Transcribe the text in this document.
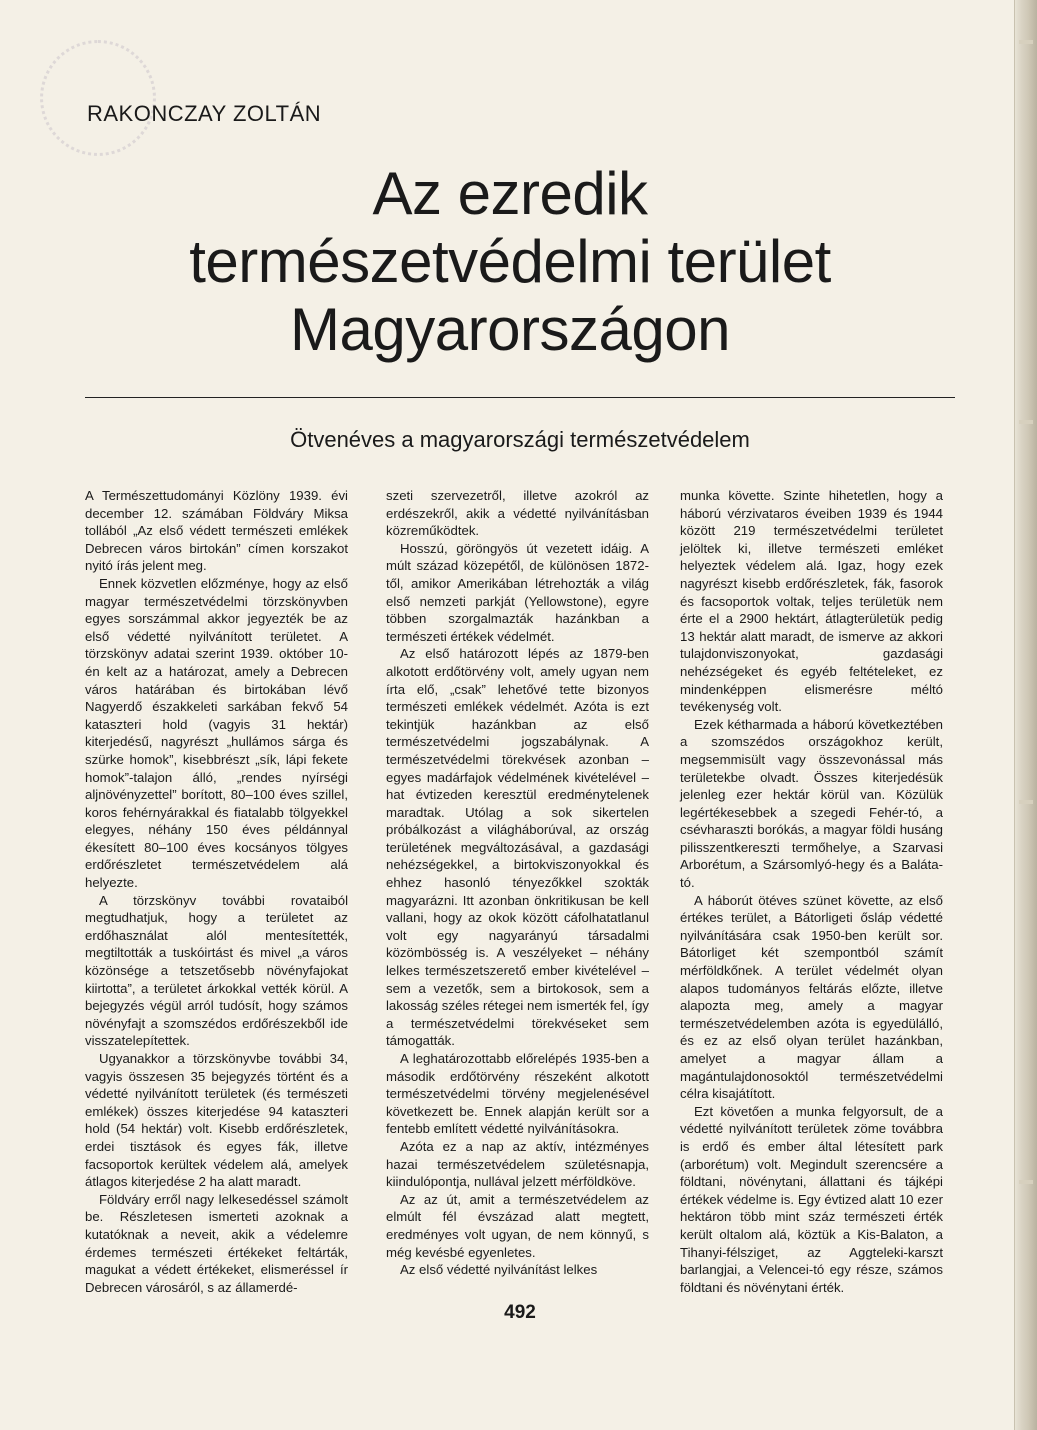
RAKONCZAY ZOLTÁN
Az ezredik
természetvédelmi terület
Magyarországon
Ötvenéves a magyarországi természetvédelem

A Természettudományi Közlöny 1939. évi december 12. számában Földváry Miksa tollából „Az első védett természeti emlékek Debrecen város birtokán” címen korszakot nyitó írás jelent meg.

Ennek közvetlen előzménye, hogy az első magyar természetvédelmi törzskönyvben egyes sorszámmal akkor jegyezték be az első védetté nyilvánított területet. A törzskönyv adatai szerint 1939. október 10-én kelt az a határozat, amely a Debrecen város határában és birtokában lévő Nagyerdő északkeleti sarkában fekvő 54 kataszteri hold (vagyis 31 hektár) kiterjedésű, nagyrészt „hullámos sárga és szürke homok”, kisebbrészt „sík, lápi fekete homok”-talajon álló, „rendes nyírségi aljnövényzettel” borított, 80–100 éves szillel, koros fehérnyárakkal és fiatalabb tölgyekkel elegyes, néhány 150 éves példánnyal ékesített 80–100 éves kocsányos tölgyes erdőrészletet természetvédelem alá helyezte.

A törzskönyv további rovataiból megtudhatjuk, hogy a területet az erdőhasználat alól mentesítették, megtiltották a tuskóirtást és mivel „a város közönsége a tetszetősebb növényfajokat kiirtotta”, a területet árkokkal vették körül. A bejegyzés végül arról tudósít, hogy számos növényfajt a szomszédos erdőrészekből ide visszatelepítettek.

Ugyanakkor a törzskönyvbe további 34, vagyis összesen 35 bejegyzés történt és a védetté nyilvánított területek (és természeti emlékek) összes kiterjedése 94 kataszteri hold (54 hektár) volt. Kisebb erdőrészletek, erdei tisztások és egyes fák, illetve facsoportok kerültek védelem alá, amelyek átlagos kiterjedése 2 ha alatt maradt.

Földváry erről nagy lelkesedéssel számolt be. Részletesen ismerteti azoknak a kutatóknak a neveit, akik a védelemre érdemes természeti értékeket feltárták, magukat a védett értékeket, elismeréssel ír Debrecen városáról, s az államerdé-

szeti szervezetről, illetve azokról az erdészekről, akik a védetté nyilvánításban közreműködtek.

Hosszú, göröngyös út vezetett idáig. A múlt század közepétől, de különösen 1872-től, amikor Amerikában létrehozták a világ első nemzeti parkját (Yellowstone), egyre többen szorgalmazták hazánkban a természeti értékek védelmét.

Az első határozott lépés az 1879-ben alkotott erdőtörvény volt, amely ugyan nem írta elő, „csak” lehetővé tette bizonyos természeti emlékek védelmét. Azóta is ezt tekintjük hazánkban az első természetvédelmi jogszabálynak. A természetvédelmi törekvések azonban – egyes madárfajok védelmének kivételével – hat évtizeden keresztül eredménytelenek maradtak. Utólag a sok sikertelen próbálkozást a világháborúval, az ország területének megváltozásával, a gazdasági nehézségekkel, a birtokviszonyokkal és ehhez hasonló tényezőkkel szokták magyarázni. Itt azonban önkritikusan be kell vallani, hogy az okok között cáfolhatatlanul volt egy nagyarányú társadalmi közömbösség is. A veszélyeket – néhány lelkes természetszerető ember kivételével – sem a vezetők, sem a birtokosok, sem a lakosság széles rétegei nem ismerték fel, így a természetvédelmi törekvéseket sem támogatták.

A leghatározottabb előrelépés 1935-ben a második erdőtörvény részeként alkotott természetvédelmi törvény megjelenésével következett be. Ennek alapján került sor a fentebb említett védetté nyilvánításokra.

Azóta ez a nap az aktív, intézményes hazai természetvédelem születésnapja, kiindulópontja, nullával jelzett mérföldköve.

Az az út, amit a természetvédelem az elmúlt fél évszázad alatt megtett, eredményes volt ugyan, de nem könnyű, s még kevésbé egyenletes.

Az első védetté nyilvánítást lelkes

munka követte. Szinte hihetetlen, hogy a háború vérzivataros éveiben 1939 és 1944 között 219 természetvédelmi területet jelöltek ki, illetve természeti emléket helyeztek védelem alá. Igaz, hogy ezek nagyrészt kisebb erdőrészletek, fák, fasorok és facsoportok voltak, teljes területük nem érte el a 2900 hektárt, átlagterületük pedig 13 hektár alatt maradt, de ismerve az akkori tulajdonviszonyokat, gazdasági nehézségeket és egyéb feltételeket, ez mindenképpen elismerésre méltó tevékenység volt.

Ezek kétharmada a háború következtében a szomszédos országokhoz került, megsemmisült vagy összevonással más területekbe olvadt. Összes kiterjedésük jelenleg ezer hektár körül van. Közülük legértékesebbek a szegedi Fehér-tó, a csévharaszti borókás, a magyar földi husáng pilisszentkereszti termőhelye, a Szarvasi Arborétum, a Szársomlyó-hegy és a Baláta-tó.

A háborút ötéves szünet követte, az első értékes terület, a Bátorligeti ősláp védetté nyilvánítására csak 1950-ben került sor. Bátorliget két szempontból számít mérföldkőnek. A terület védelmét olyan alapos tudományos feltárás előzte, illetve alapozta meg, amely a magyar természetvédelemben azóta is egyedülálló, és ez az első olyan terület hazánkban, amelyet a magyar állam a magántulajdonosoktól természetvédelmi célra kisajátított.

Ezt követően a munka felgyorsult, de a védetté nyilvánított területek zöme továbbra is erdő és ember által létesített park (arborétum) volt. Megindult szerencsére a földtani, növénytani, állattani és tájképi értékek védelme is. Egy évtized alatt 10 ezer hektáron több mint száz természeti érték került oltalom alá, köztük a Kis-Balaton, a Tihanyi-félsziget, az Aggteleki-karszt barlangjai, a Velencei-tó egy része, számos földtani és növénytani érték.

492
